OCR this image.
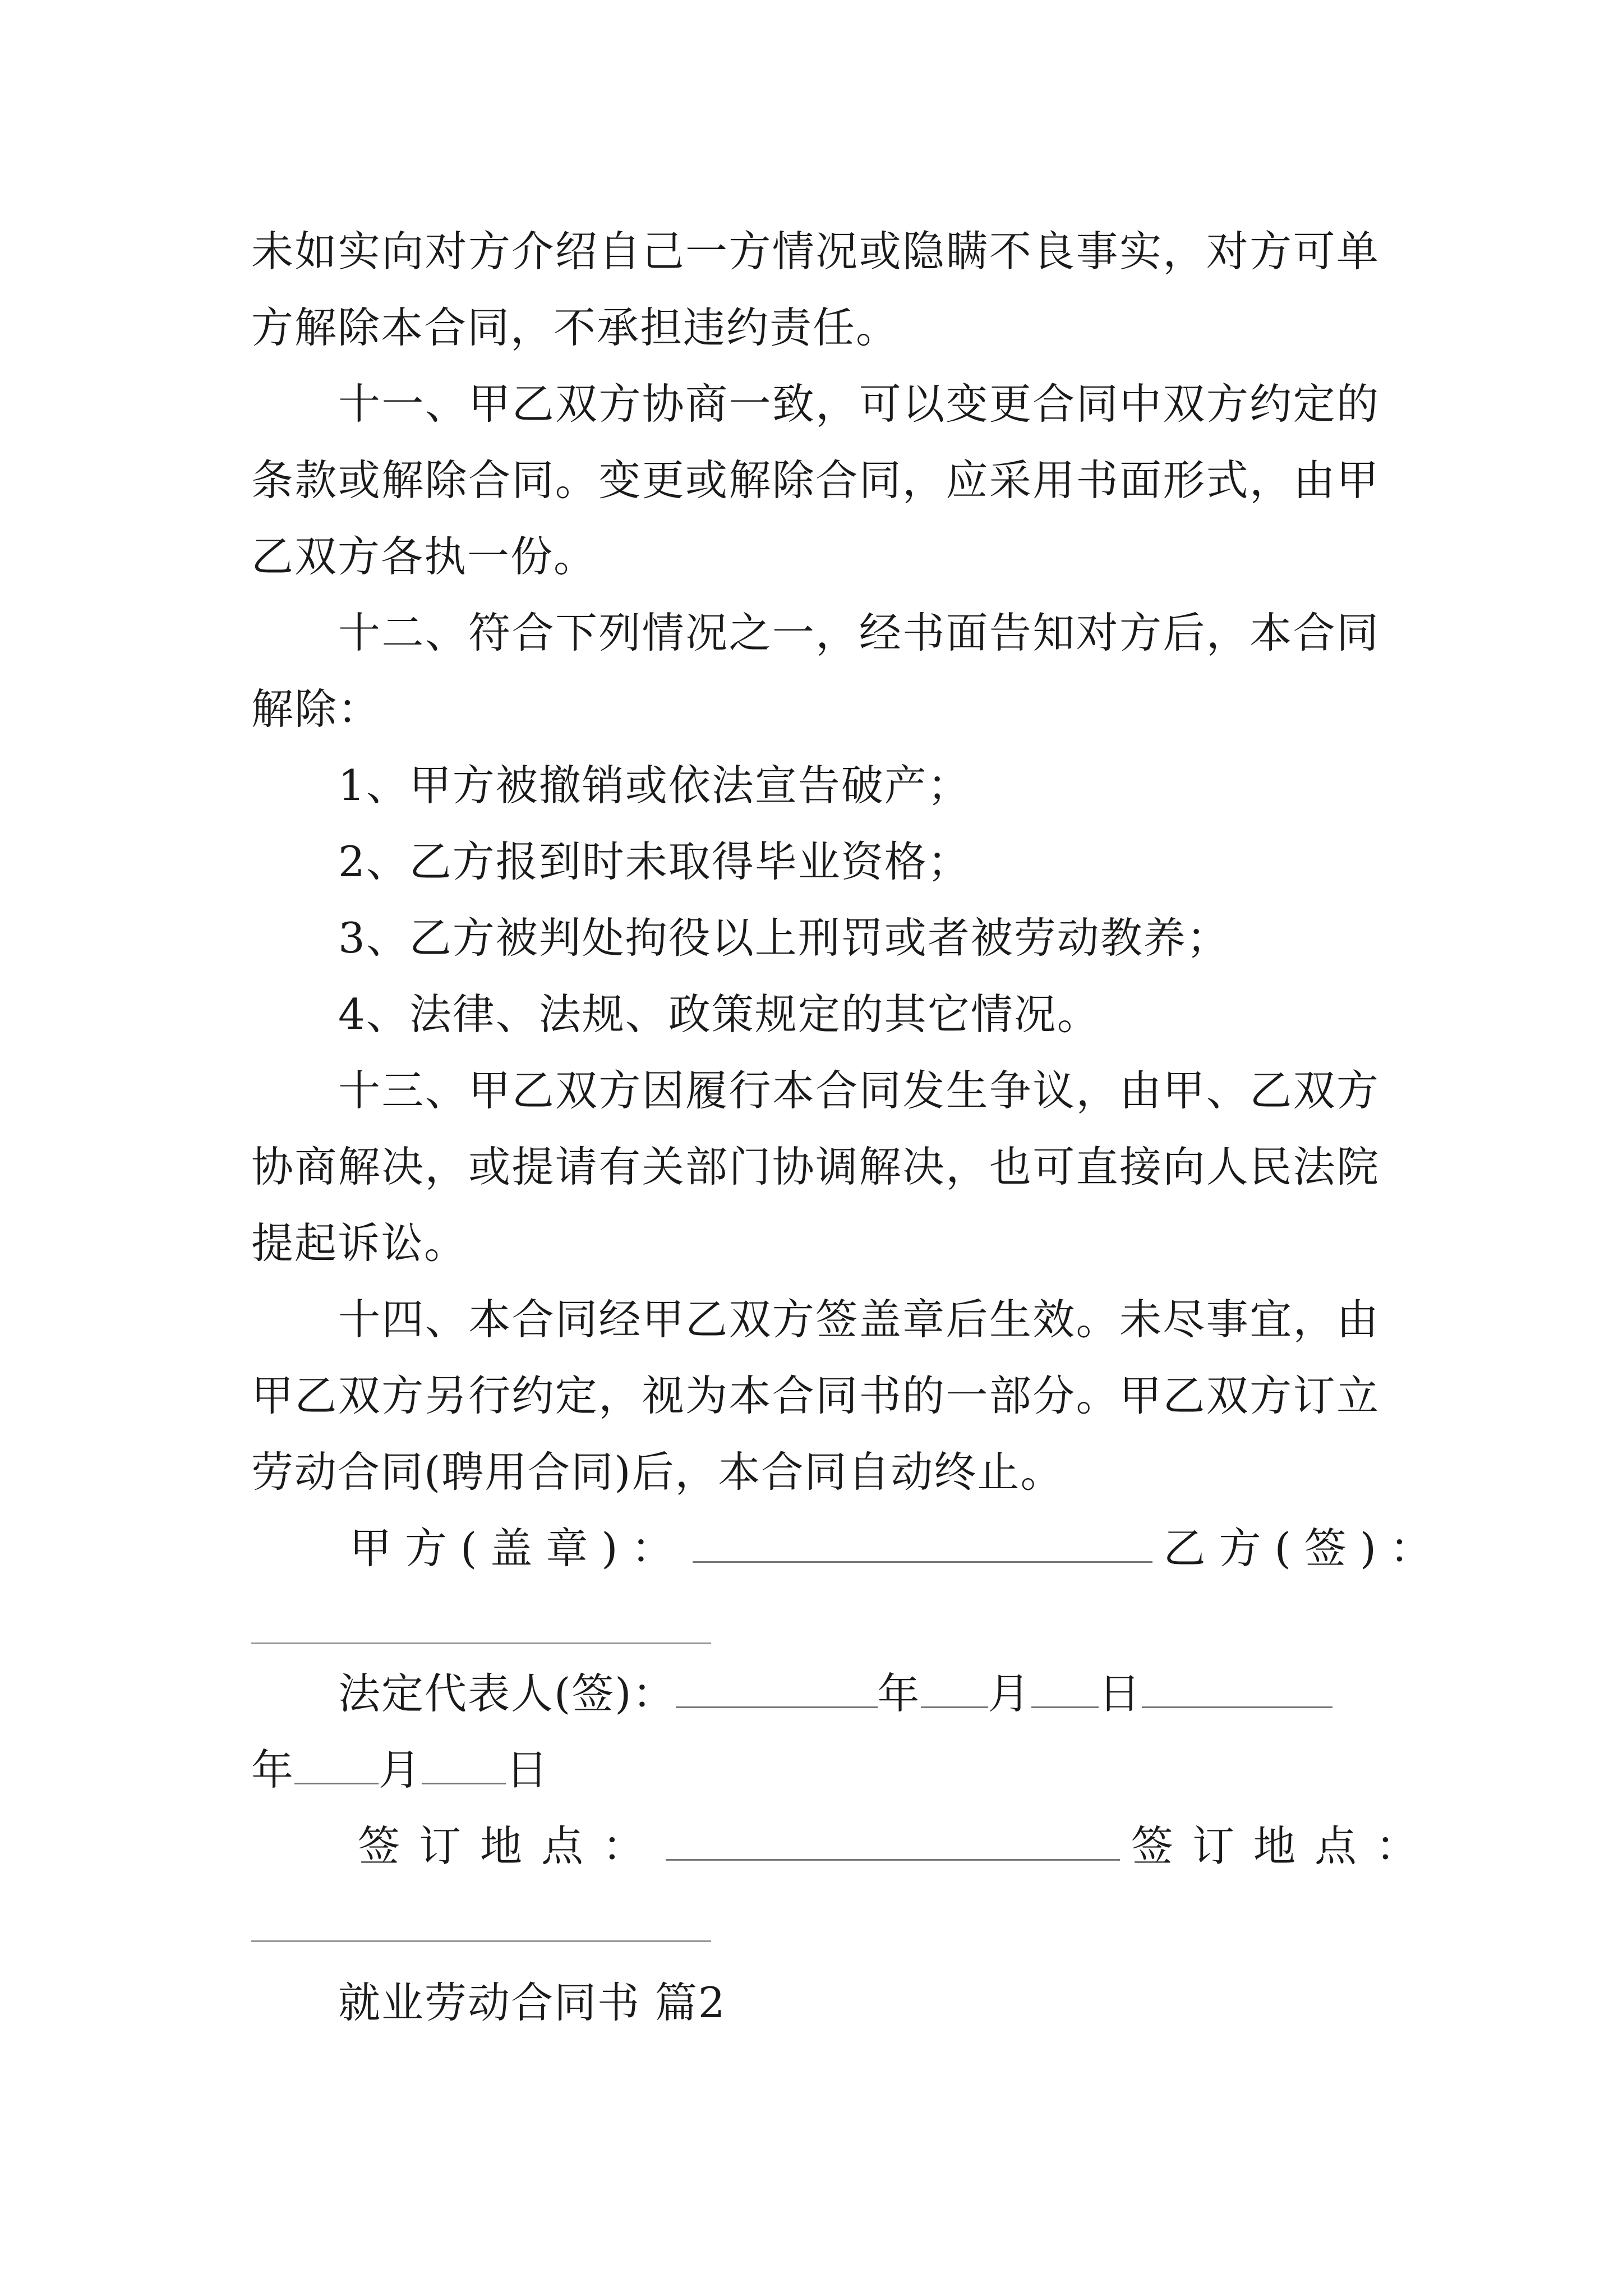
未如实向对方介绍自己一方情况或隐瞒不良事实，对方可单方解除本合同，不承担违约责任。

十一、甲乙双方协商一致，可以变更合同中双方约定的条款或解除合同。变更或解除合同，应采用书面形式，由甲乙双方各执一份。

十二、符合下列情况之一，经书面告知对方后，本合同解除：

1、甲方被撤销或依法宣告破产；

2、乙方报到时未取得毕业资格；

3、乙方被判处拘役以上刑罚或者被劳动教养；

4、法律、法规、政策规定的其它情况。

十三、甲乙双方因履行本合同发生争议，由甲、乙双方协商解决，或提请有关部门协调解决，也可直接向人民法院提起诉讼。

十四、本合同经甲乙双方签盖章后生效。未尽事宜，由甲乙双方另行约定，视为本合同书的一部分。甲乙双方订立劳动合同(聘用合同)后，本合同自动终止。

甲方(盖章)：	乙方(签)：
法定代表人(签)：	年 月 日
年 月 日
签订地点：	签订地点：

就业劳动合同书 篇2
